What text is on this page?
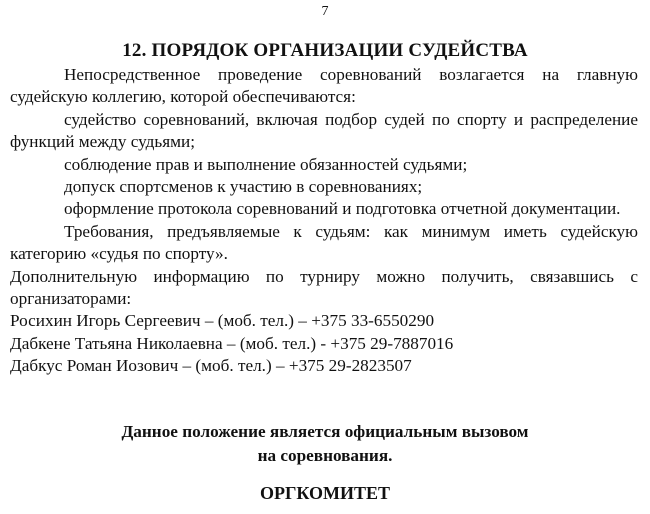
7
12. ПОРЯДОК ОРГАНИЗАЦИИ СУДЕЙСТВА

Непосредственное проведение соревнований возлагается на главную судейскую коллегию, которой обеспечиваются:

судейство соревнований, включая подбор судей по спорту и распределение функций между судьями;

соблюдение прав и выполнение обязанностей судьями;

допуск спортсменов к участию в соревнованиях;

оформление протокола соревнований и подготовка отчетной документации.

Требования, предъявляемые к судьям: как минимум иметь судейскую категорию «судья по спорту».

Дополнительную информацию по турниру можно получить, связавшись с организаторами:

Росихин Игорь Сергеевич – (моб. тел.) – +375 33-6550290

Дабкене Татьяна Николаевна – (моб. тел.) - +375 29-7887016

Дабкус Роман Иозович – (моб. тел.) – +375 29-2823507

Данное положение является официальным вызовом
на соревнования.
ОРГКОМИТЕТ
